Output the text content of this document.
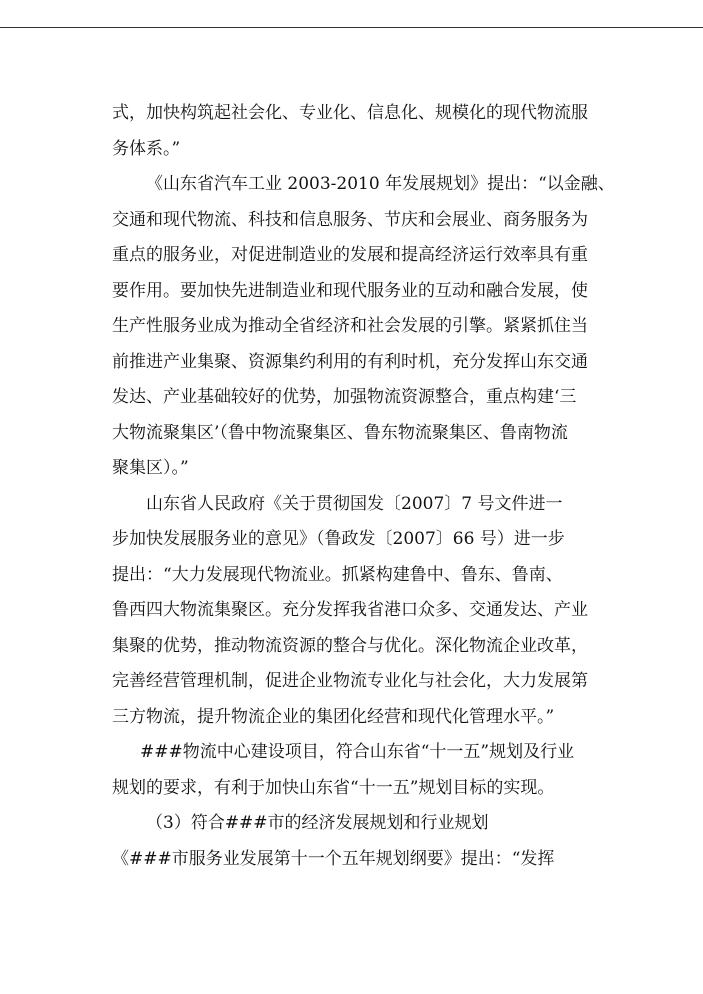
式，加快构筑起社会化、专业化、信息化、规模化的现代物流服
务体系。”
《山东省汽车工业 2003-2010 年发展规划》提出：“以金融、
交通和现代物流、科技和信息服务、节庆和会展业、商务服务为
重点的服务业，对促进制造业的发展和提高经济运行效率具有重
要作用。要加快先进制造业和现代服务业的互动和融合发展，使
生产性服务业成为推动全省经济和社会发展的引擎。紧紧抓住当
前推进产业集聚、资源集约利用的有利时机，充分发挥山东交通
发达、产业基础较好的优势，加强物流资源整合，重点构建‘三
大物流聚集区’（鲁中物流聚集区、鲁东物流聚集区、鲁南物流
聚集区）。”
山东省人民政府《关于贯彻国发〔2007〕7 号文件进一
步加快发展服务业的意见》（鲁政发〔2007〕66 号）进一步
提出：“大力发展现代物流业。抓紧构建鲁中、鲁东、鲁南、
鲁西四大物流集聚区。充分发挥我省港口众多、交通发达、产业
集聚的优势，推动物流资源的整合与优化。深化物流企业改革，
完善经营管理机制，促进企业物流专业化与社会化，大力发展第
三方物流，提升物流企业的集团化经营和现代化管理水平。”
###物流中心建设项目，符合山东省“十一五”规划及行业
规划的要求，有利于加快山东省“十一五”规划目标的实现。
（3）符合###市的经济发展规划和行业规划
《###市服务业发展第十一个五年规划纲要》提出：“发挥
